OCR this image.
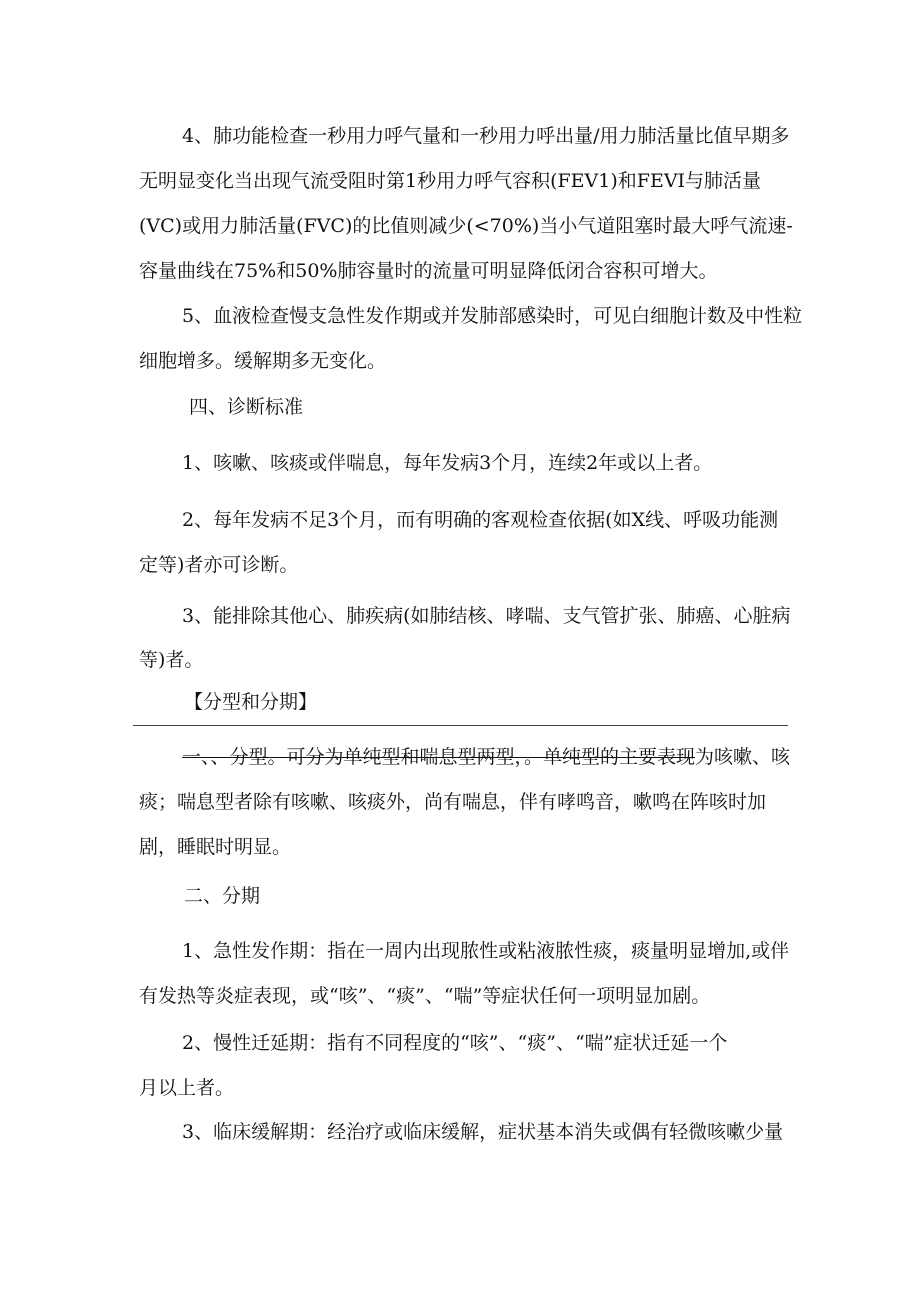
4、肺功能检查一秒用力呼气量和一秒用力呼出量/用力肺活量比值早期多
无明显变化当出现气流受阻时第1秒用力呼气容积(FEV1)和FEVI与肺活量
(VC)或用力肺活量(FVC)的比值则减少(<70%)当小气道阻塞时最大呼气流速-
容量曲线在75%和50%肺容量时的流量可明显降低闭合容积可增大。
5、血液检查慢支急性发作期或并发肺部感染时，可见白细胞计数及中性粒
细胞增多。缓解期多无变化。
四、诊断标准
1、咳嗽、咳痰或伴喘息，每年发病3个月，连续2年或以上者。
2、每年发病不足3个月，而有明确的客观检查依据(如X线、呼吸功能测
定等)者亦可诊断。
3、能排除其他心、肺疾病(如肺结核、哮喘、支气管扩张、肺癌、心脏病
等)者。
【分型和分期】
一、、分型。可分为单纯型和喘息型两型，。单纯型的主要表现为咳嗽、咳
痰；喘息型者除有咳嗽、咳痰外，尚有喘息，伴有哮鸣音，嗽鸣在阵咳时加
剧，睡眠时明显。
二、分期
1、急性发作期：指在一周内出现脓性或粘液脓性痰，痰量明显增加,或伴
有发热等炎症表现，或“咳”、“痰”、“喘”等症状任何一项明显加剧。
2、慢性迁延期：指有不同程度的“咳”、“痰”、“喘”症状迁延一个
月以上者。
3、临床缓解期：经治疗或临床缓解，症状基本消失或偶有轻微咳嗽少量
